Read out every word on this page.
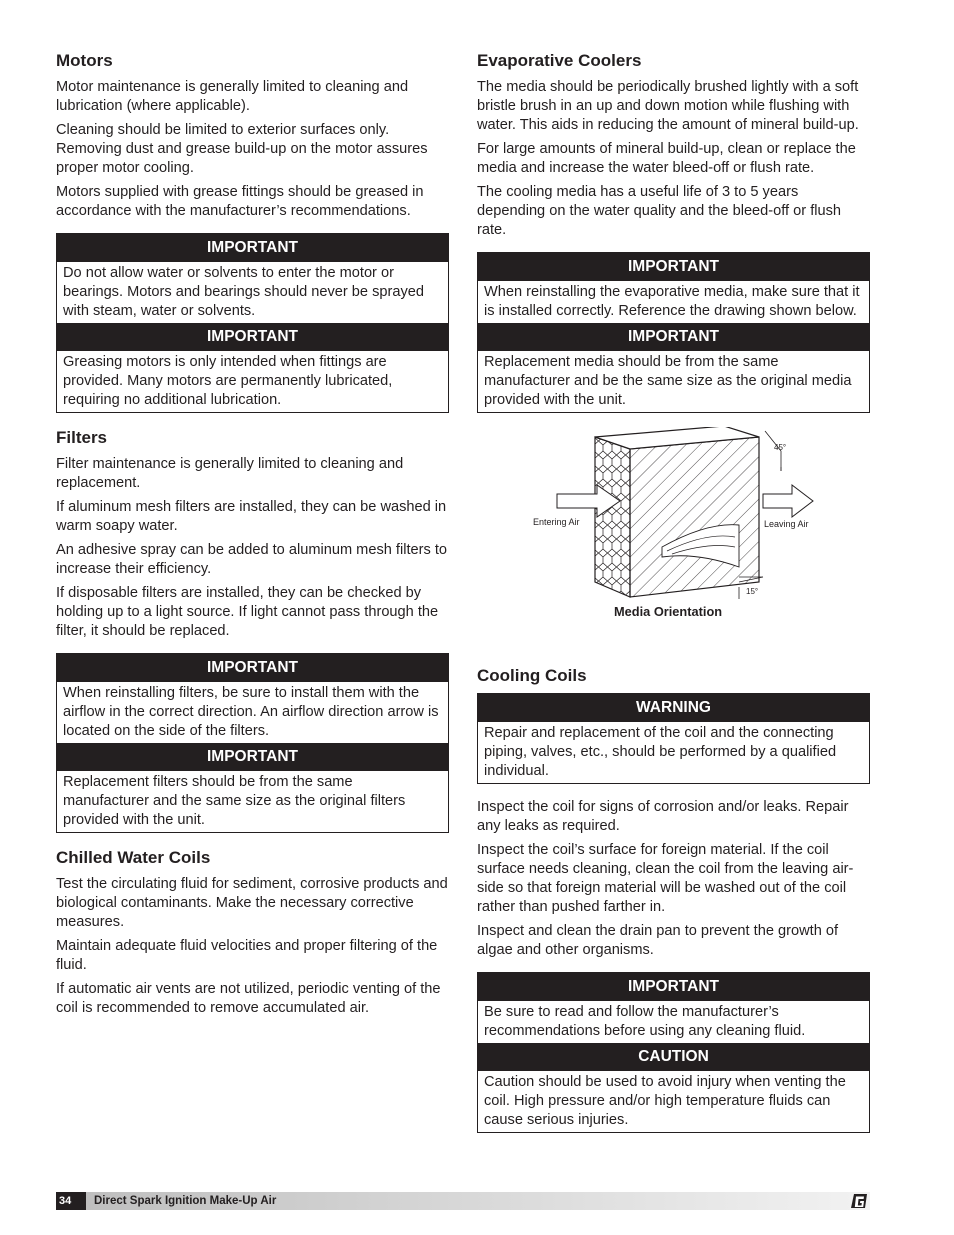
Motors

Motor maintenance is generally limited to cleaning and lubrication (where applicable).

Cleaning should be limited to exterior surfaces only. Removing dust and grease build-up on the motor assures proper motor cooling.

Motors supplied with grease fittings should be greased in accordance with the manufacturer’s recommendations.

IMPORTANT
Do not allow water or solvents to enter the motor or bearings. Motors and bearings should never be sprayed with steam, water or solvents.
IMPORTANT
Greasing motors is only intended when fittings are provided. Many motors are permanently lubricated, requiring no additional lubrication.
Filters

Filter maintenance is generally limited to cleaning and replacement.

If aluminum mesh filters are installed, they can be washed in warm soapy water.

An adhesive spray can be added to aluminum mesh filters to increase their efficiency.

If disposable filters are installed, they can be checked by holding up to a light source. If light cannot pass through the filter, it should be replaced.

IMPORTANT
When reinstalling filters, be sure to install them with the airflow in the correct direction. An airflow direction arrow is located on the side of the filters.
IMPORTANT
Replacement filters should be from the same manufacturer and the same size as the original filters provided with the unit.
Chilled Water Coils

Test the circulating fluid for sediment, corrosive products and biological contaminants. Make the necessary corrective measures.

Maintain adequate fluid velocities and proper filtering of the fluid.

If automatic air vents are not utilized, periodic venting of the coil is recommended to remove accumulated air.

Evaporative Coolers

The media should be periodically brushed lightly with a soft bristle brush in an up and down motion while flushing with water. This aids in reducing the amount of mineral build-up.

For large amounts of mineral build-up, clean or replace the media and increase the water bleed-off or flush rate.

The cooling media has a useful life of 3 to 5 years depending on the water quality and the bleed-off or flush rate.

IMPORTANT
When reinstalling the evaporative media, make sure that it is installed correctly. Reference the drawing shown below.
IMPORTANT
Replacement media should be from the same manufacturer and be the same size as the original media provided with the unit.
Entering Air	Leaving Air
45°
15°
Media Orientation
Cooling Coils
WARNING
Repair and replacement of the coil and the connecting piping, valves, etc., should be performed by a qualified individual.

Inspect the coil for signs of corrosion and/or leaks. Repair any leaks as required.

Inspect the coil’s surface for foreign material. If the coil surface needs cleaning, clean the coil from the leaving air-side so that foreign material will be washed out of the coil rather than pushed farther in.

Inspect and clean the drain pan to prevent the growth of algae and other organisms.

IMPORTANT
Be sure to read and follow the manufacturer’s recommendations before using any cleaning fluid.
CAUTION
Caution should be used to avoid injury when venting the coil. High pressure and/or high temperature fluids can cause serious injuries.
34	Direct Spark Ignition Make-Up Air
